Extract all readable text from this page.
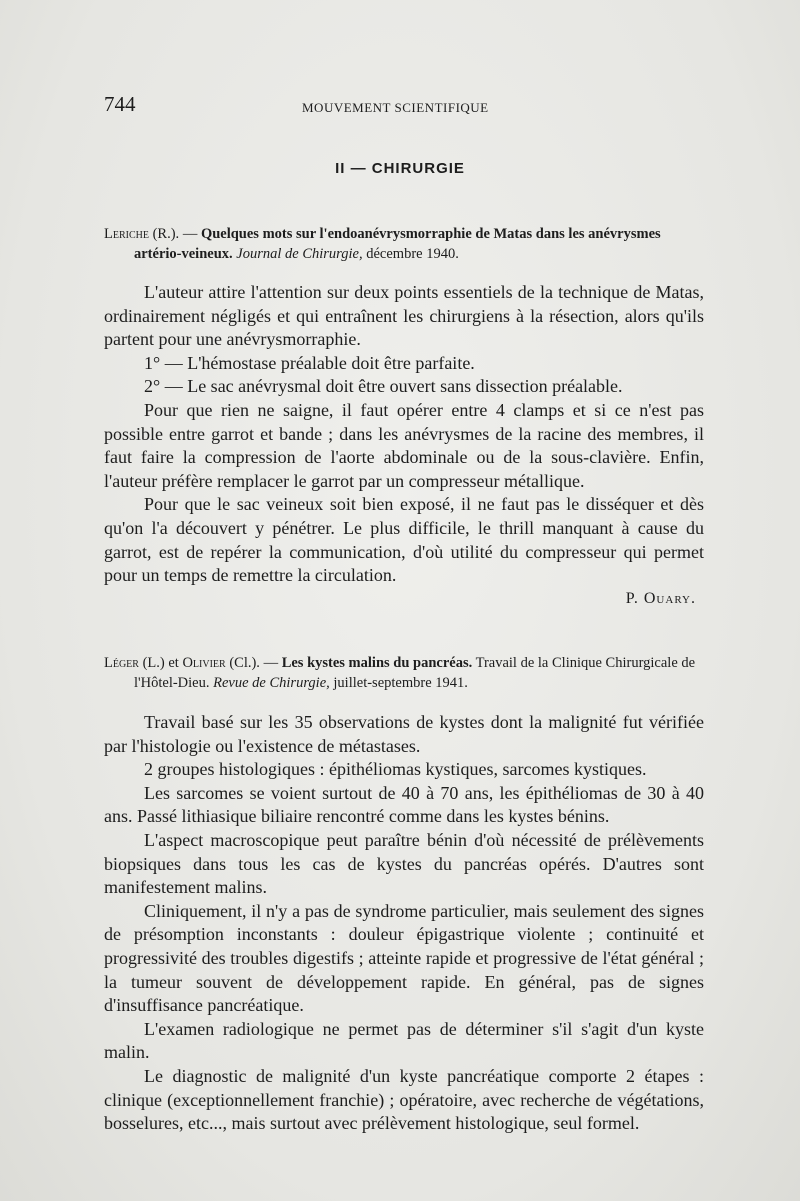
744	MOUVEMENT SCIENTIFIQUE
II — CHIRURGIE

Leriche (R.). — Quelques mots sur l'endoanévrysmorraphie de Matas dans les anévrysmes artério-veineux. Journal de Chirurgie, décembre 1940.

L'auteur attire l'attention sur deux points essentiels de la technique de Matas, ordinairement négligés et qui entraînent les chirurgiens à la résection, alors qu'ils partent pour une anévrysmorraphie.

1° — L'hémostase préalable doit être parfaite.

2° — Le sac anévrysmal doit être ouvert sans dissection préalable.

Pour que rien ne saigne, il faut opérer entre 4 clamps et si ce n'est pas possible entre garrot et bande ; dans les anévrysmes de la racine des membres, il faut faire la compression de l'aorte abdominale ou de la sous-clavière. Enfin, l'auteur préfère remplacer le garrot par un compresseur métallique.

Pour que le sac veineux soit bien exposé, il ne faut pas le disséquer et dès qu'on l'a découvert y pénétrer. Le plus difficile, le thrill manquant à cause du garrot, est de repérer la communication, d'où utilité du compresseur qui permet pour un temps de remettre la circulation.

P. Ouary.

Léger (L.) et Olivier (Cl.). — Les kystes malins du pancréas. Travail de la Clinique Chirurgicale de l'Hôtel-Dieu. Revue de Chirurgie, juillet-septembre 1941.

Travail basé sur les 35 observations de kystes dont la malignité fut vérifiée par l'histologie ou l'existence de métastases.

2 groupes histologiques : épithéliomas kystiques, sarcomes kystiques.

Les sarcomes se voient surtout de 40 à 70 ans, les épithéliomas de 30 à 40 ans. Passé lithiasique biliaire rencontré comme dans les kystes bénins.

L'aspect macroscopique peut paraître bénin d'où nécessité de prélèvements biopsiques dans tous les cas de kystes du pancréas opérés. D'autres sont manifestement malins.

Cliniquement, il n'y a pas de syndrome particulier, mais seulement des signes de présomption inconstants : douleur épigastrique violente ; continuité et progressivité des troubles digestifs ; atteinte rapide et progressive de l'état général ; la tumeur souvent de développement rapide. En général, pas de signes d'insuffisance pancréatique.

L'examen radiologique ne permet pas de déterminer s'il s'agit d'un kyste malin.

Le diagnostic de malignité d'un kyste pancréatique comporte 2 étapes : clinique (exceptionnellement franchie) ; opératoire, avec recherche de végétations, bosselures, etc..., mais surtout avec prélèvement histologique, seul formel.
